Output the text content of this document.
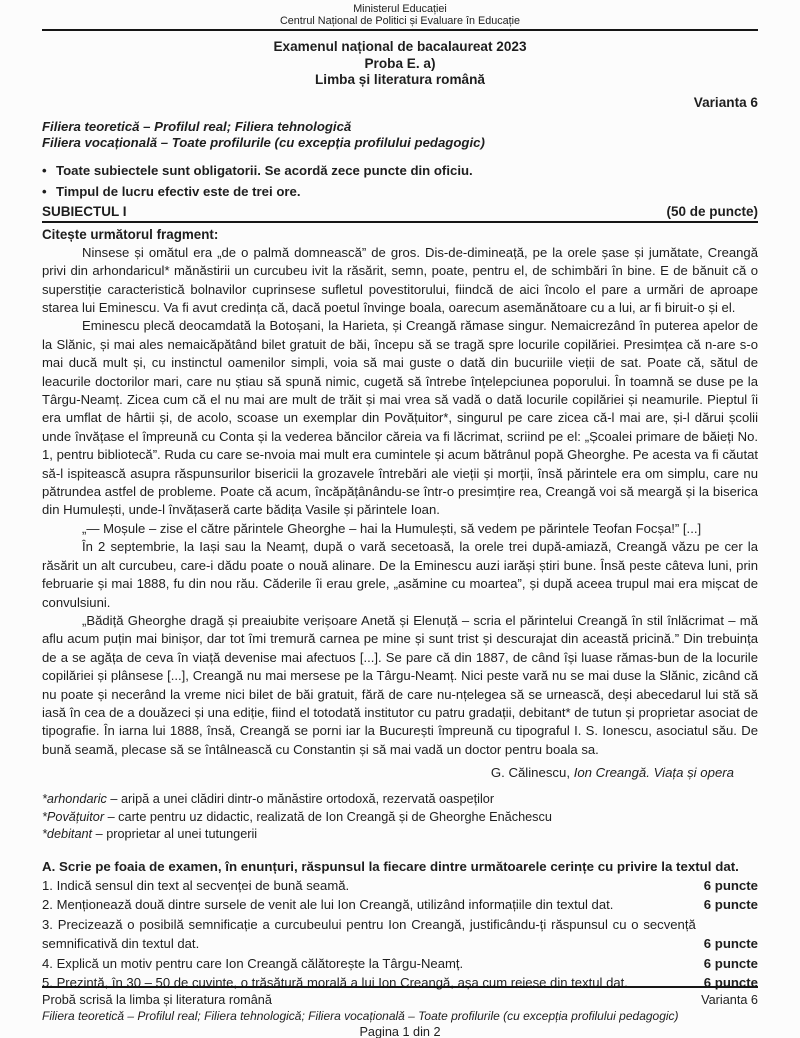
Ministerul Educației
Centrul Național de Politici și Evaluare în Educație
Examenul național de bacalaureat 2023
Proba E. a)
Limba și literatura română
Varianta 6
Filiera teoretică – Profilul real; Filiera tehnologică
Filiera vocațională – Toate profilurile (cu excepția profilului pedagogic)
• Toate subiectele sunt obligatorii. Se acordă zece puncte din oficiu.
• Timpul de lucru efectiv este de trei ore.
SUBIECTUL I	(50 de puncte)
Citește următorul fragment:

Ninsese și omătul era „de o palmă domnească” de gros. Dis-de-dimineață, pe la orele șase și jumătate, Creangă privi din arhondaricul* mănăstirii un curcubeu ivit la răsărit, semn, poate, pentru el, de schimbări în bine. E de bănuit că o superstiție caracteristică bolnavilor cuprinsese sufletul povestitorului, fiindcă de aici încolo el pare a urmări de aproape starea lui Eminescu. Va fi avut credința că, dacă poetul învinge boala, oarecum asemănătoare cu a lui, ar fi biruit-o și el.

Eminescu plecă deocamdată la Botoșani, la Harieta, și Creangă rămase singur. Nemaicrezând în puterea apelor de la Slănic, și mai ales nemaicăpătând bilet gratuit de băi, începu să se tragă spre locurile copilăriei. Presimțea că n-are s-o mai ducă mult și, cu instinctul oamenilor simpli, voia să mai guste o dată din bucuriile vieții de sat. Poate că, sătul de leacurile doctorilor mari, care nu știau să spună nimic, cugetă să întrebe înțelepciunea poporului. În toamnă se duse pe la Târgu-Neamț. Zicea cum că el nu mai are mult de trăit și mai vrea să vadă o dată locurile copilăriei și neamurile. Pieptul îi era umflat de hârtii și, de acolo, scoase un exemplar din Povățuitor*, singurul pe care zicea că-l mai are, și-l dărui școlii unde învățase el împreună cu Conta și la vederea băncilor căreia va fi lăcrimat, scriind pe el: „Școalei primare de băieți No. 1, pentru bibliotecă”. Ruda cu care se-nvoia mai mult era cumintele și acum bătrânul popă Gheorghe. Pe acesta va fi căutat să-l ispitească asupra răspunsurilor bisericii la grozavele întrebări ale vieții și morții, însă părintele era om simplu, care nu pătrundea astfel de probleme. Poate că acum, încăpățânându-se într-o presimțire rea, Creangă voi să meargă și la biserica din Humulești, unde-l învățaseră carte bădița Vasile și părintele Ioan.

„— Moșule – zise el către părintele Gheorghe – hai la Humulești, să vedem pe părintele Teofan Focșa!” [...]

În 2 septembrie, la Iași sau la Neamț, după o vară secetoasă, la orele trei după-amiază, Creangă văzu pe cer la răsărit un alt curcubeu, care-i dădu poate o nouă alinare. De la Eminescu auzi iarăși știri bune. Însă peste câteva luni, prin februarie și mai 1888, fu din nou rău. Căderile îi erau grele, „asămine cu moartea”, și după aceea trupul mai era mișcat de convulsiuni.

„Bădiță Gheorghe dragă și preaiubite verișoare Anetă și Elenuță – scria el părintelui Creangă în stil înlăcrimat – mă aflu acum puțin mai binișor, dar tot îmi tremură carnea pe mine și sunt trist și descurajat din această pricină.” Din trebuința de a se agăța de ceva în viață devenise mai afectuos [...]. Se pare că din 1887, de când își luase rămas-bun de la locurile copilăriei și plânsese [...], Creangă nu mai mersese pe la Târgu-Neamț. Nici peste vară nu se mai duse la Slănic, zicând că nu poate și necerând la vreme nici bilet de băi gratuit, fără de care nu-nțelegea să se urnească, deși abecedarul lui stă să iasă în cea de a douăzeci și una ediție, fiind el totodată institutor cu patru gradații, debitant* de tutun și proprietar asociat de tipografie. În iarna lui 1888, însă, Creangă se porni iar la București împreună cu tipograful I. S. Ionescu, asociatul său. De bună seamă, plecase să se întâlnească cu Constantin și să mai vadă un doctor pentru boala sa.

G. Călinescu, Ion Creangă. Viața și opera
*arhondaric – aripă a unei clădiri dintr-o mănăstire ortodoxă, rezervată oaspeților
*Povățuitor – carte pentru uz didactic, realizată de Ion Creangă și de Gheorghe Enăchescu
*debitant – proprietar al unei tutungerii
A. Scrie pe foaia de examen, în enunțuri, răspunsul la fiecare dintre următoarele cerințe cu privire la textul dat.
1. Indică sensul din text al secvenței de bună seamă.	6 puncte
2. Menționează două dintre sursele de venit ale lui Ion Creangă, utilizând informațiile din textul dat.	6 puncte
3. Precizează o posibilă semnificație a curcubeului pentru Ion Creangă, justificându-ți răspunsul cu o secvență semnificativă din textul dat.	6 puncte
4. Explică un motiv pentru care Ion Creangă călătorește la Târgu-Neamț.	6 puncte
5. Prezintă, în 30 – 50 de cuvinte, o trăsătură morală a lui Ion Creangă, așa cum reiese din textul dat.	6 puncte
Probă scrisă la limba și literatura română	Varianta 6
Filiera teoretică – Profilul real; Filiera tehnologică; Filiera vocațională – Toate profilurile (cu excepția profilului pedagogic)
Pagina 1 din 2
